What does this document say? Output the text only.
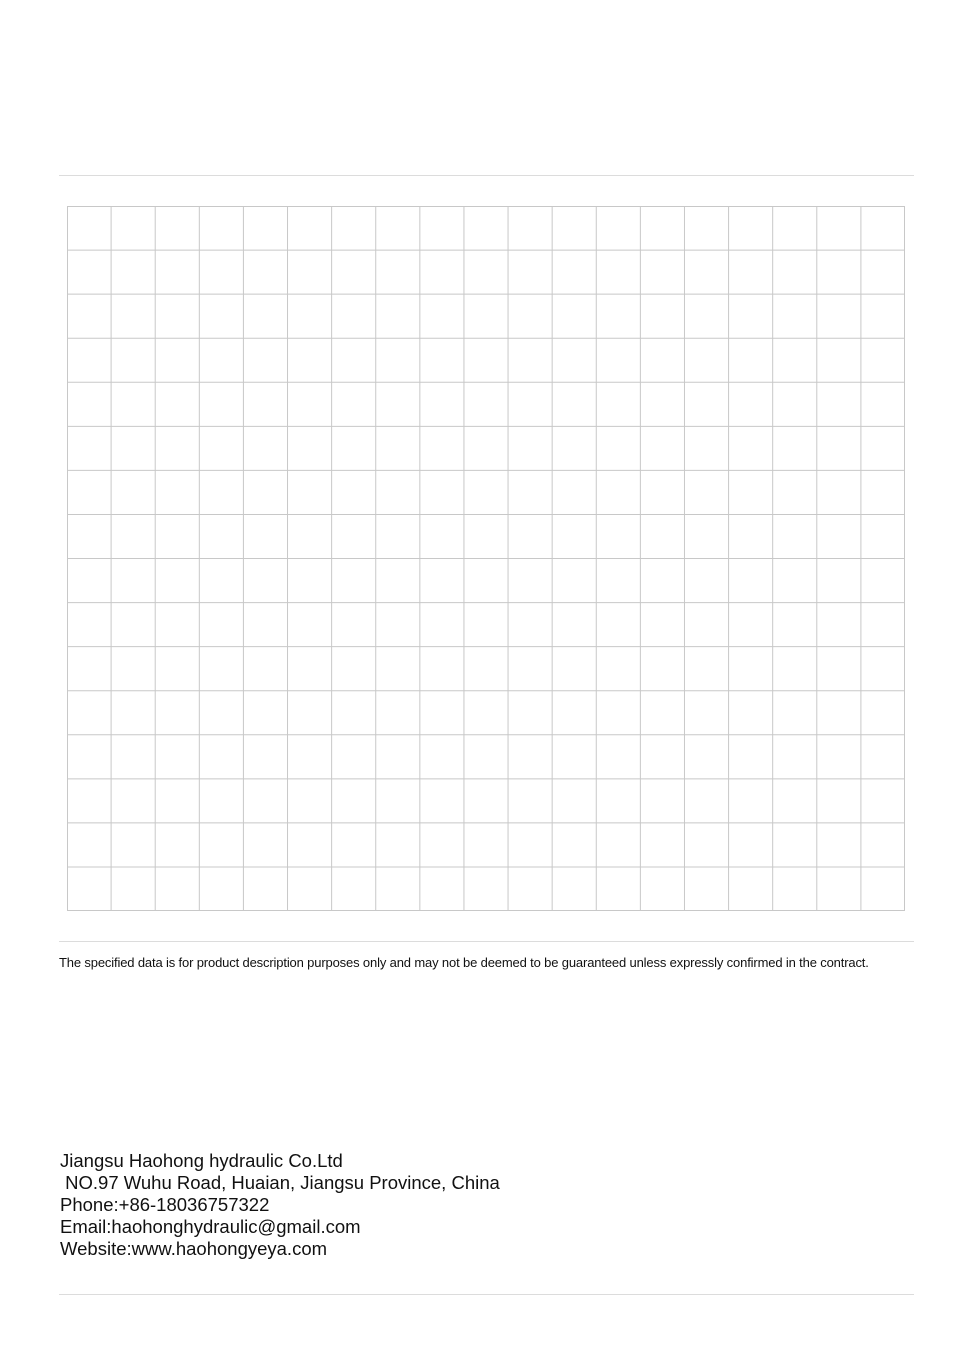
The specified data is for product description purposes only and may not be deemed to be guaranteed unless expressly confirmed in the contract.
Jiangsu Haohong hydraulic Co.Ltd
NO.97 Wuhu Road, Huaian, Jiangsu Province, China
Phone:+86-18036757322
Email:haohonghydraulic@gmail.com
Website:www.haohongyeya.com
